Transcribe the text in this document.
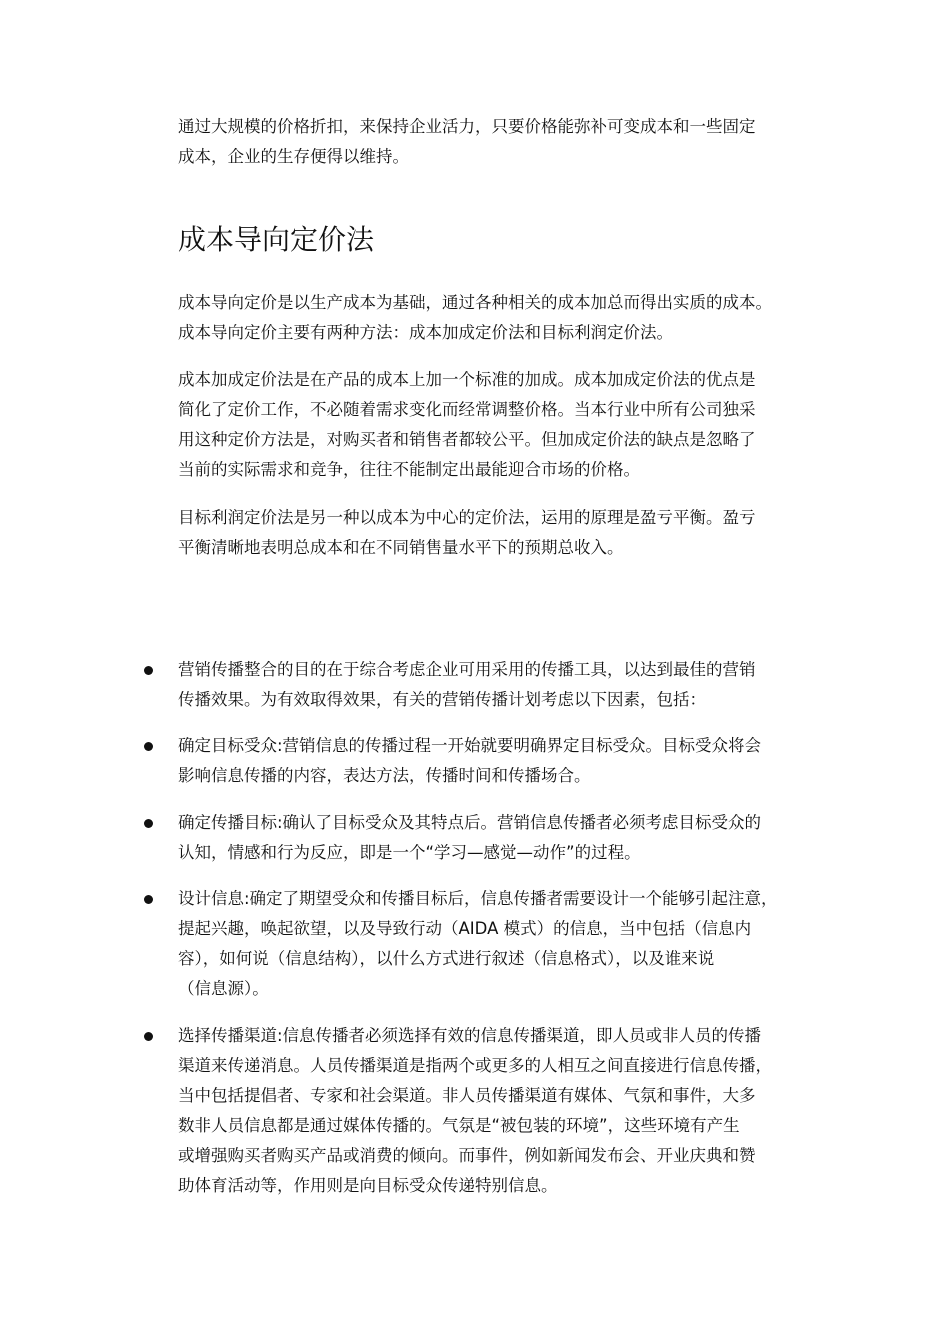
通过大规模的价格折扣，来保持企业活力，只要价格能弥补可变成本和一些固定
成本，企业的生存便得以维持。

成本导向定价法

成本导向定价是以生产成本为基础，通过各种相关的成本加总而得出实质的成本。
成本导向定价主要有两种方法：成本加成定价法和目标利润定价法。

成本加成定价法是在产品的成本上加一个标准的加成。成本加成定价法的优点是
简化了定价工作，不必随着需求变化而经常调整价格。当本行业中所有公司独采
用这种定价方法是，对购买者和销售者都较公平。但加成定价法的缺点是忽略了
当前的实际需求和竞争，往往不能制定出最能迎合市场的价格。

目标利润定价法是另一种以成本为中心的定价法，运用的原理是盈亏平衡。盈亏
平衡清晰地表明总成本和在不同销售量水平下的预期总收入。

营销传播整合的目的在于综合考虑企业可用采用的传播工具，以达到最佳的营销
传播效果。为有效取得效果，有关的营销传播计划考虑以下因素，包括：

确定目标受众:营销信息的传播过程一开始就要明确界定目标受众。目标受众将会
影响信息传播的内容，表达方法，传播时间和传播场合。

确定传播目标:确认了目标受众及其特点后。营销信息传播者必须考虑目标受众的
认知，情感和行为反应，即是一个“学习—感觉—动作”的过程。

设计信息:确定了期望受众和传播目标后，信息传播者需要设计一个能够引起注意，
提起兴趣，唤起欲望，以及导致行动（AIDA 模式）的信息，当中包括（信息内
容），如何说（信息结构），以什么方式进行叙述（信息格式），以及谁来说
（信息源）。

选择传播渠道:信息传播者必须选择有效的信息传播渠道，即人员或非人员的传播
渠道来传递消息。人员传播渠道是指两个或更多的人相互之间直接进行信息传播，
当中包括提倡者、专家和社会渠道。非人员传播渠道有媒体、气氛和事件，大多
数非人员信息都是通过媒体传播的。气氛是“被包装的环境”，这些环境有产生
或增强购买者购买产品或消费的倾向。而事件，例如新闻发布会、开业庆典和赞
助体育活动等，作用则是向目标受众传递特别信息。
